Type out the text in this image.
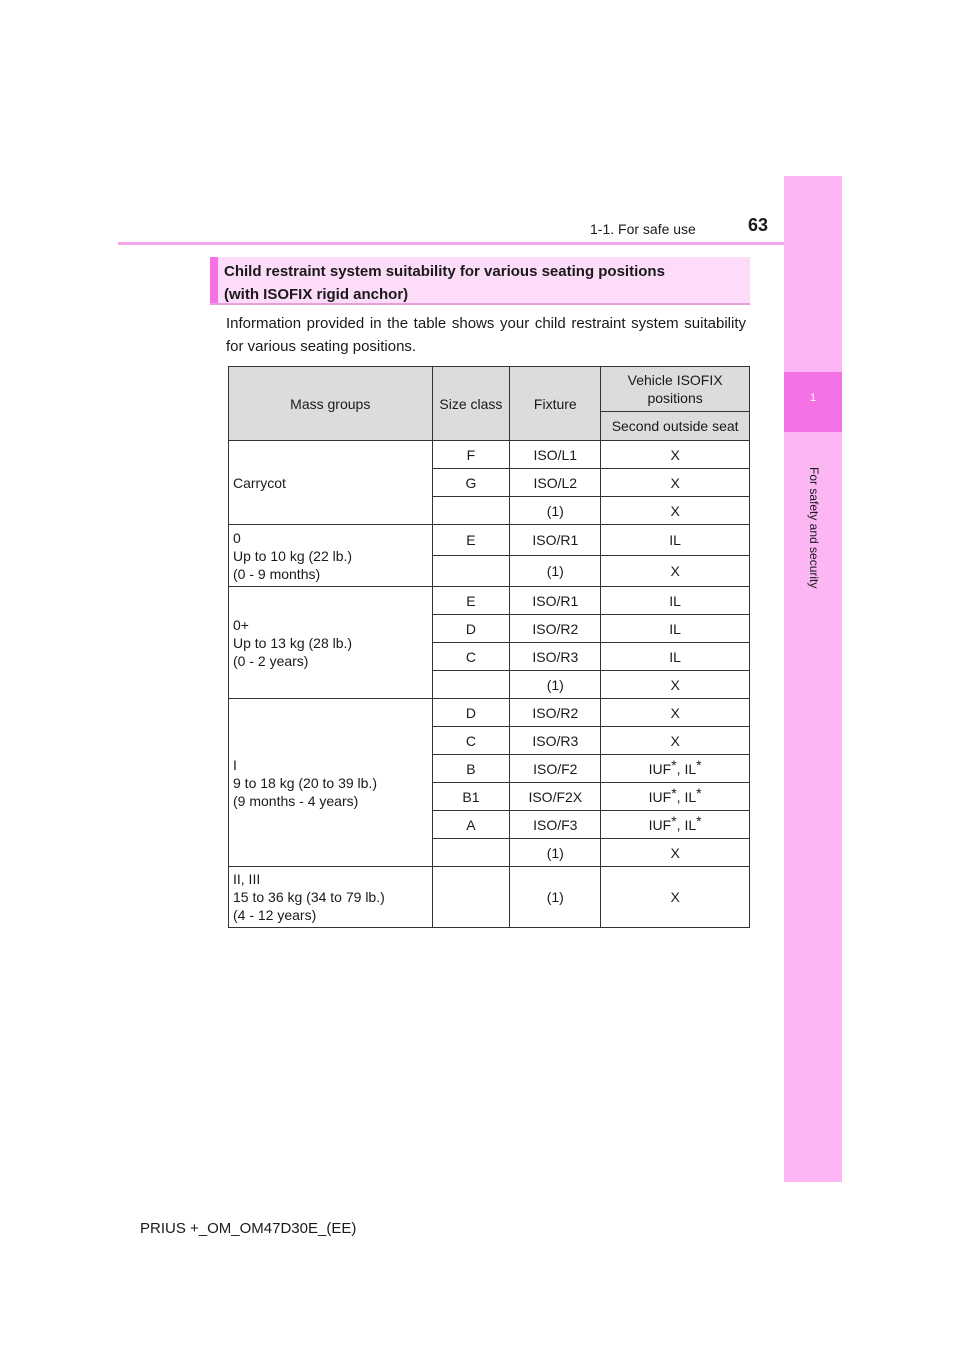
1-1. For safe use	63
1
For safety and security
Child restraint system suitability for various seating positions
(with ISOFIX rigid anchor)
Information provided in the table shows your child restraint system suitability for various seating positions.
Mass groups	Size class	Fixture	Vehicle ISOFIX positions
			Second outside seat
Carrycot	F	ISO/L1	X
	G	ISO/L2	X
		(1)	X
0
Up to 10 kg (22 lb.)
(0 - 9 months)	E	ISO/R1	IL
		(1)	X
0+
Up to 13 kg (28 lb.)
(0 - 2 years)	E	ISO/R1	IL
	D	ISO/R2	IL
	C	ISO/R3	IL
		(1)	X
I
9 to 18 kg (20 to 39 lb.)
(9 months - 4 years)	D	ISO/R2	X
	C	ISO/R3	X
	B	ISO/F2	IUF*, IL*
	B1	ISO/F2X	IUF*, IL*
	A	ISO/F3	IUF*, IL*
		(1)	X
II, III
15 to 36 kg (34 to 79 lb.)
(4 - 12 years)		(1)	X
PRIUS +_OM_OM47D30E_(EE)
